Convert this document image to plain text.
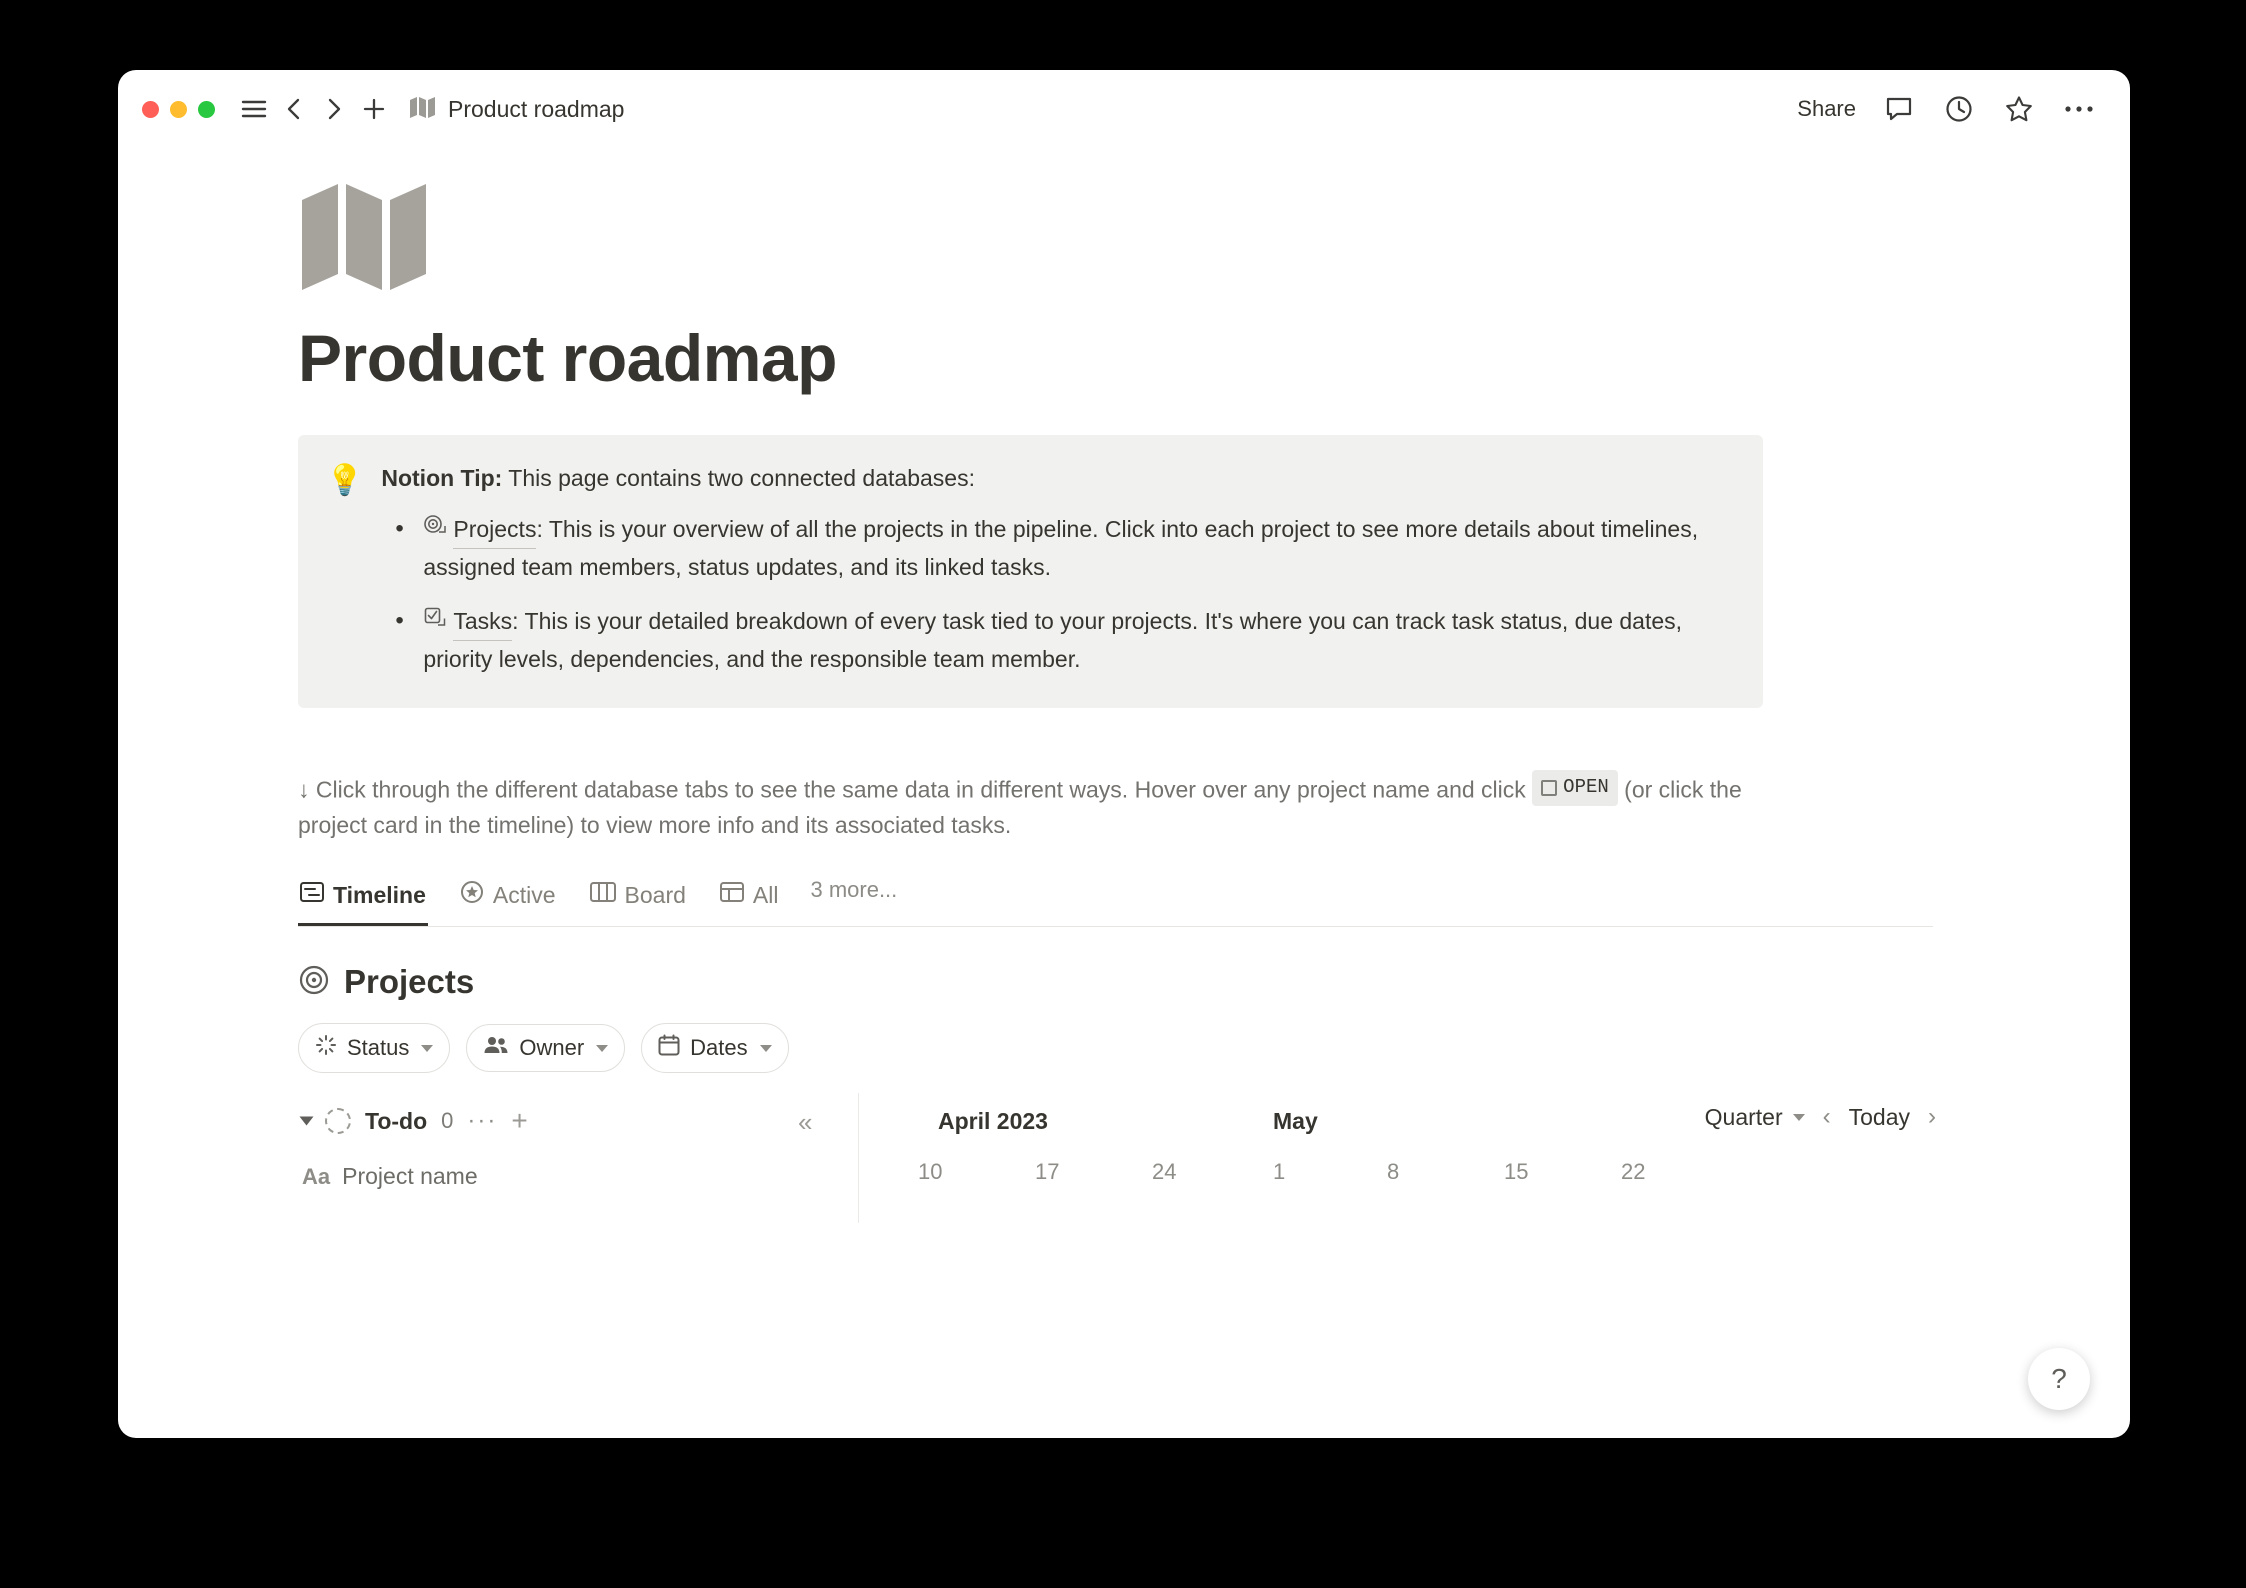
Product roadmap	Share
Product roadmap
💡 Notion Tip: This page contains two connected databases:
• Projects : This is your overview of all the projects in the pipeline. Click into each project to see more details about timelines, assigned team members, status updates, and its linked tasks.
• Tasks : This is your detailed breakdown of every task tied to your projects. It's where you can track task status, due dates, priority levels, dependencies, and the responsible team member.
↓ Click through the different database tabs to see the same data in different ways. Hover over any project name and click OPEN (or click the project card in the timeline) to view more info and its associated tasks.
Timeline	Active	Board	All 3 more...
Projects
Status	Owner	Dates
April 2023	May
10	17	24	1	8	15	22
Quarter ‹ Today ›
To-do 0 ··· +
Aa Project name
«
?
